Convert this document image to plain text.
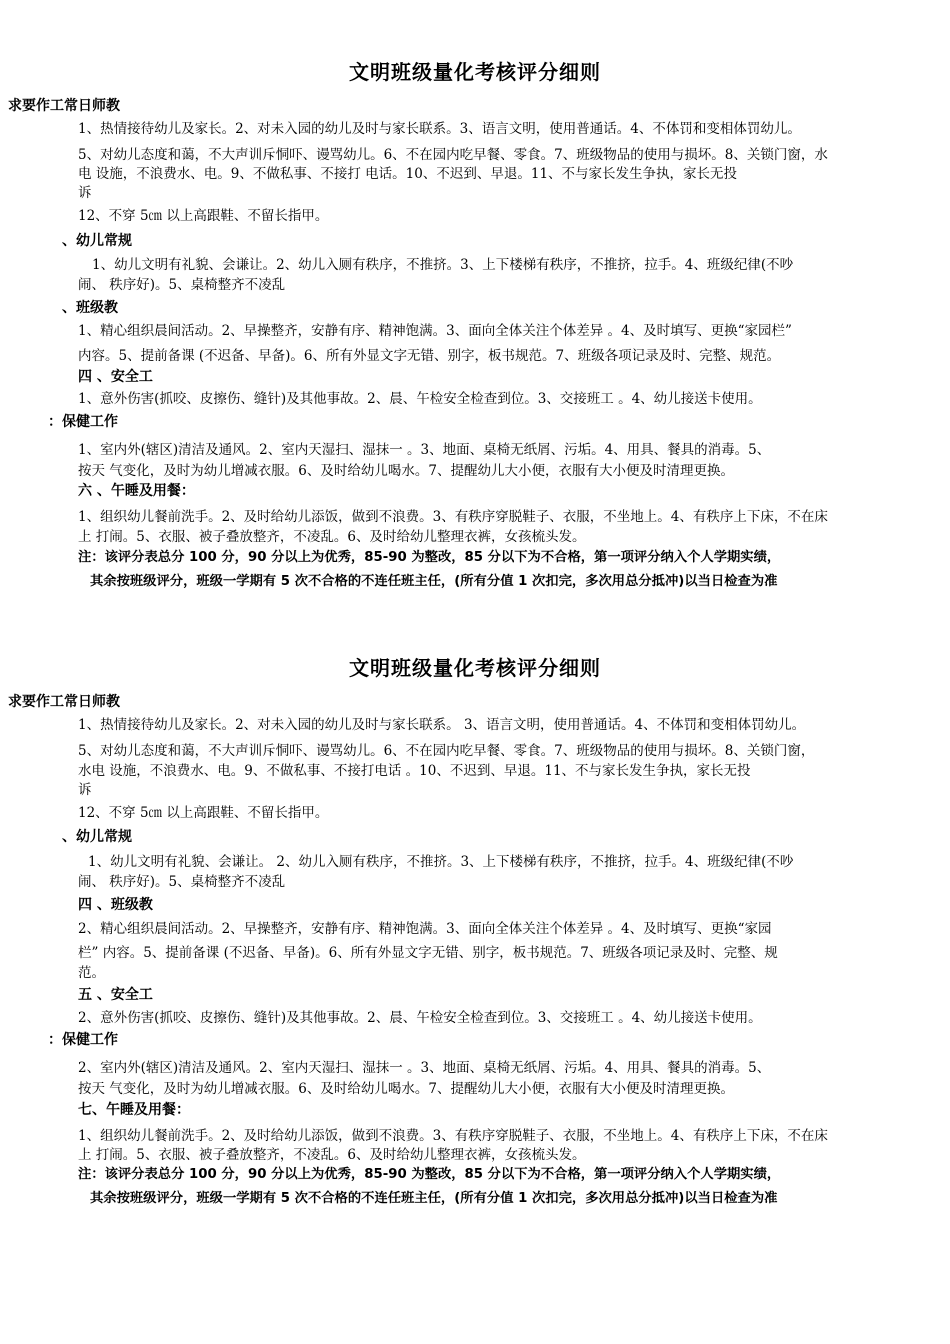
文明班级量化考核评分细则
求要作工常日师教
1、热情接待幼儿及家长。2、对未入园的幼儿及时与家长联系。3、语言文明，使用普通话。4、不体罚和变相体罚幼儿。
5、对幼儿态度和蔼，不大声训斥恫吓、谩骂幼儿。6、不在园内吃早餐、零食。7、班级物品的使用与损坏。8、关锁门窗，水
电 设施，不浪费水、电。9、不做私事、不接打 电话。10、不迟到、早退。11、不与家长发生争执，家长无投
诉
12、不穿 5㎝ 以上高跟鞋、不留长指甲。
、幼儿常规
1、幼儿文明有礼貌、会谦让。2、幼儿入厕有秩序，不推挤。3、上下楼梯有秩序，不推挤，拉手。4、班级纪律(不吵
闹、 秩序好)。5、桌椅整齐不凌乱
、班级教
1、精心组织晨间活动。2、早操整齐，安静有序、精神饱满。3、面向全体关注个体差异 。4、及时填写、更换“家园栏”
内容。5、提前备课 (不迟备、早备)。6、所有外显文字无错、别字，板书规范。7、班级各项记录及时、完整、规范。
四 、安全工
1、意外伤害(抓咬、皮擦伤、缝针)及其他事故。2、晨、午检安全检查到位。3、交接班工 。4、幼儿接送卡使用。
：保健工作
1、室内外(辖区)清洁及通风。2、室内天湿扫、湿抹一 。3、地面、桌椅无纸屑、污垢。4、用具、餐具的消毒。5、
按天 气变化，及时为幼儿增减衣服。6、及时给幼儿喝水。7、提醒幼儿大小便，衣服有大小便及时清理更换。
六 、午睡及用餐：
1、组织幼儿餐前洗手。2、及时给幼儿添饭，做到不浪费。3、有秩序穿脱鞋子、衣服，不坐地上。4、有秩序上下床，不在床
上 打闹。5、衣服、被子叠放整齐，不凌乱。6、及时给幼儿整理衣裤，女孩梳头发。
注：该评分表总分 100 分，90 分以上为优秀，85-90 为整改，85 分以下为不合格，第一项评分纳入个人学期实绩，
其余按班级评分，班级一学期有 5 次不合格的不连任班主任，(所有分值 1 次扣完，多次用总分抵冲)以当日检查为准
文明班级量化考核评分细则
求要作工常日师教
1、热情接待幼儿及家长。2、对未入园的幼儿及时与家长联系。 3、语言文明，使用普通话。4、不体罚和变相体罚幼儿。
5、对幼儿态度和蔼，不大声训斥恫吓、谩骂幼儿。6、不在园内吃早餐、零食。7、班级物品的使用与损坏。8、关锁门窗，
水电 设施，不浪费水、电。9、不做私事、不接打电话 。10、不迟到、早退。11、不与家长发生争执，家长无投
诉
12、不穿 5㎝ 以上高跟鞋、不留长指甲。
、幼儿常规
1、幼儿文明有礼貌、会谦让。 2、幼儿入厕有秩序，不推挤。3、上下楼梯有秩序，不推挤，拉手。4、班级纪律(不吵
闹、 秩序好)。5、桌椅整齐不凌乱
四 、班级教
2、精心组织晨间活动。2、早操整齐，安静有序、精神饱满。3、面向全体关注个体差异 。4、及时填写、更换“家园
栏” 内容。5、提前备课 (不迟备、早备)。6、所有外显文字无错、别字，板书规范。7、班级各项记录及时、完整、规
范。
五 、安全工
2、意外伤害(抓咬、皮擦伤、缝针)及其他事故。2、晨、午检安全检查到位。3、交接班工 。4、幼儿接送卡使用。
：保健工作
2、室内外(辖区)清洁及通风。2、室内天湿扫、湿抹一 。3、地面、桌椅无纸屑、污垢。4、用具、餐具的消毒。5、
按天 气变化，及时为幼儿增减衣服。6、及时给幼儿喝水。7、提醒幼儿大小便，衣服有大小便及时清理更换。
七、午睡及用餐：
1、组织幼儿餐前洗手。2、及时给幼儿添饭，做到不浪费。3、有秩序穿脱鞋子、衣服，不坐地上。4、有秩序上下床，不在床
上 打闹。5、衣服、被子叠放整齐，不凌乱。6、及时给幼儿整理衣裤，女孩梳头发。
注：该评分表总分 100 分，90 分以上为优秀，85-90 为整改，85 分以下为不合格，第一项评分纳入个人学期实绩，
其余按班级评分，班级一学期有 5 次不合格的不连任班主任，(所有分值 1 次扣完，多次用总分抵冲)以当日检查为准
